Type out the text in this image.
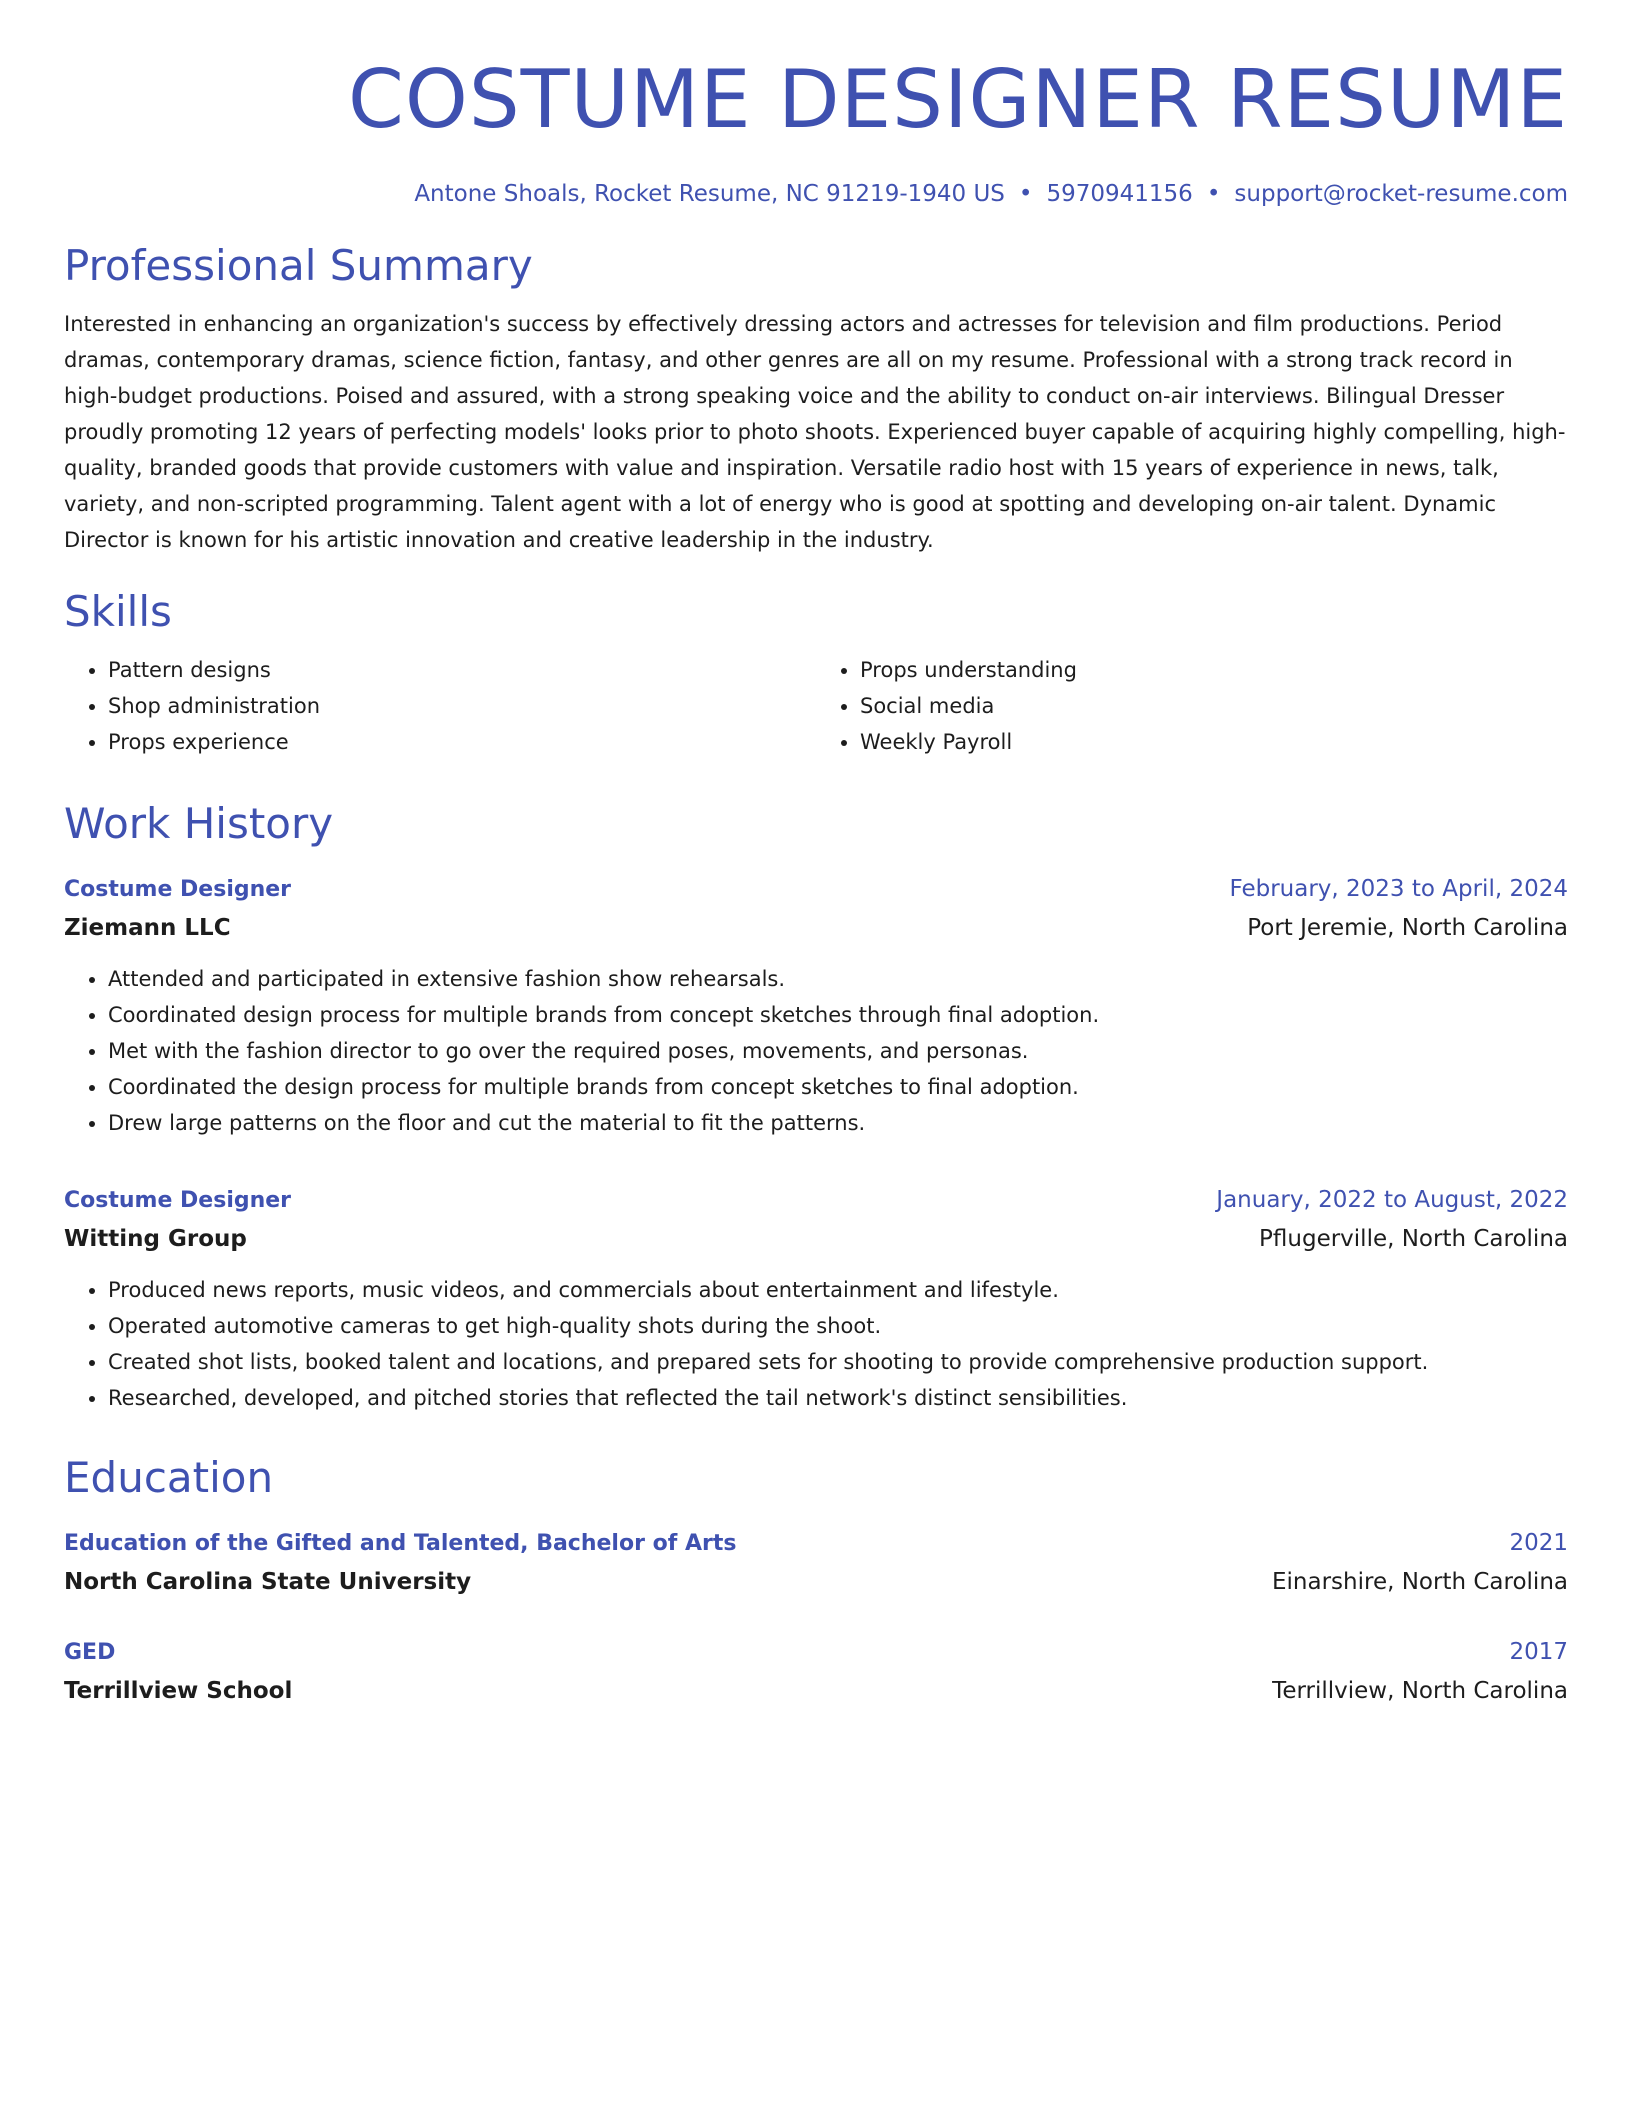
COSTUME DESIGNER RESUME
Antone Shoals, Rocket Resume, NC 91219-1940 US • 5970941156 • support@rocket-resume.com
Professional Summary
Interested in enhancing an organization's success by effectively dressing actors and actresses for television and film productions. Period dramas, contemporary dramas, science fiction, fantasy, and other genres are all on my resume. Professional with a strong track record in high-budget productions. Poised and assured, with a strong speaking voice and the ability to conduct on-air interviews. Bilingual Dresser proudly promoting 12 years of perfecting models' looks prior to photo shoots. Experienced buyer capable of acquiring highly compelling, high-quality, branded goods that provide customers with value and inspiration. Versatile radio host with 15 years of experience in news, talk, variety, and non-scripted programming. Talent agent with a lot of energy who is good at spotting and developing on-air talent. Dynamic Director is known for his artistic innovation and creative leadership in the industry.
Skills
• Pattern designs
• Shop administration
• Props experience
• Props understanding
• Social media
• Weekly Payroll
Work History
Costume Designer	February, 2023 to April, 2024
Ziemann LLC	Port Jeremie, North Carolina
• Attended and participated in extensive fashion show rehearsals.
• Coordinated design process for multiple brands from concept sketches through final adoption.
• Met with the fashion director to go over the required poses, movements, and personas.
• Coordinated the design process for multiple brands from concept sketches to final adoption.
• Drew large patterns on the floor and cut the material to fit the patterns.
Costume Designer	January, 2022 to August, 2022
Witting Group	Pflugerville, North Carolina
• Produced news reports, music videos, and commercials about entertainment and lifestyle.
• Operated automotive cameras to get high-quality shots during the shoot.
• Created shot lists, booked talent and locations, and prepared sets for shooting to provide comprehensive production support.
• Researched, developed, and pitched stories that reflected the tail network's distinct sensibilities.
Education
Education of the Gifted and Talented, Bachelor of Arts	2021
North Carolina State University	Einarshire, North Carolina
GED	2017
Terrillview School	Terrillview, North Carolina
